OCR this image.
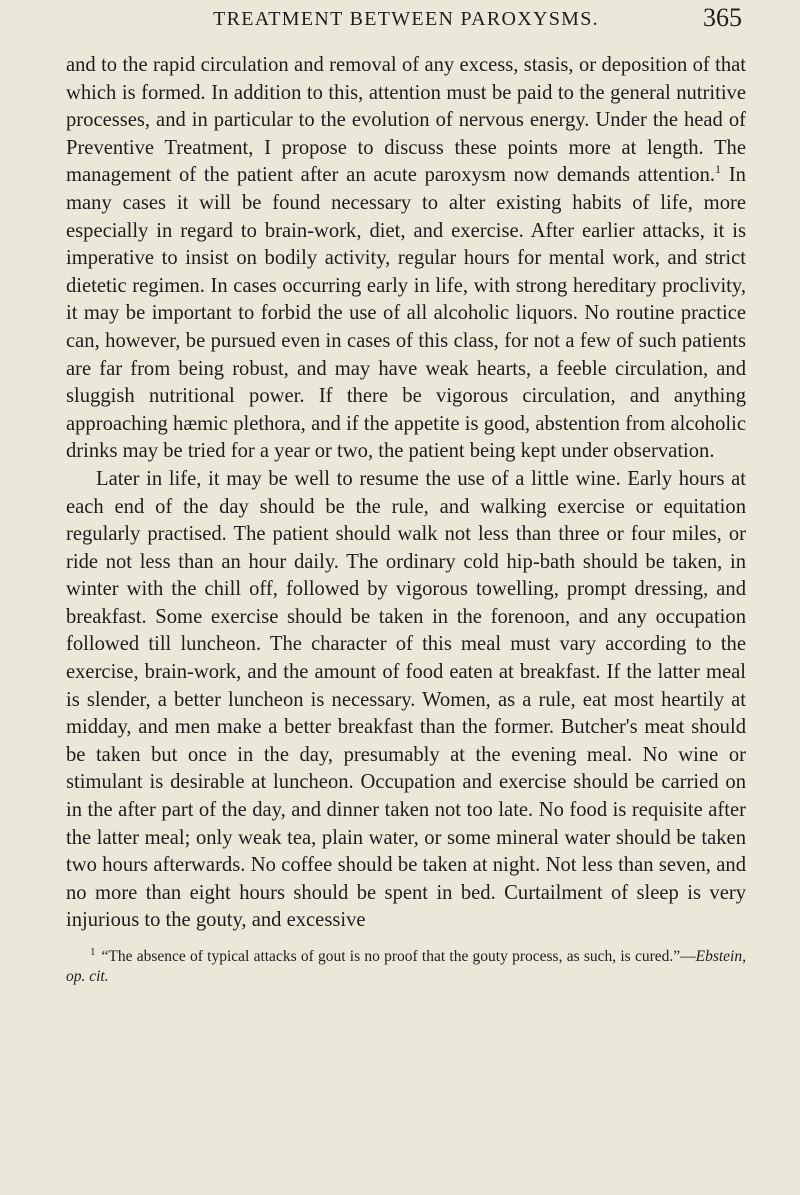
TREATMENT BETWEEN PAROXYSMS.	365

and to the rapid circulation and removal of any excess, stasis, or deposition of that which is formed. In addition to this, attention must be paid to the general nutritive processes, and in particular to the evolution of nervous energy. Under the head of Preventive Treatment, I propose to discuss these points more at length. The management of the patient after an acute paroxysm now demands attention.$^1$ In many cases it will be found necessary to alter existing habits of life, more especially in regard to brain-work, diet, and exercise. After earlier attacks, it is imperative to insist on bodily activity, regular hours for mental work, and strict dietetic regimen. In cases occurring early in life, with strong hereditary proclivity, it may be important to forbid the use of all alcoholic liquors. No routine practice can, however, be pursued even in cases of this class, for not a few of such patients are far from being robust, and may have weak hearts, a feeble circulation, and sluggish nutritional power. If there be vigorous circulation, and anything approaching hæmic plethora, and if the appetite is good, abstention from alcoholic drinks may be tried for a year or two, the patient being kept under observation.

Later in life, it may be well to resume the use of a little wine. Early hours at each end of the day should be the rule, and walking exercise or equitation regularly practised. The patient should walk not less than three or four miles, or ride not less than an hour daily. The ordinary cold hip-bath should be taken, in winter with the chill off, followed by vigorous towelling, prompt dressing, and breakfast. Some exercise should be taken in the forenoon, and any occupation followed till luncheon. The character of this meal must vary according to the exercise, brain-work, and the amount of food eaten at breakfast. If the latter meal is slender, a better luncheon is necessary. Women, as a rule, eat most heartily at midday, and men make a better breakfast than the former. Butcher's meat should be taken but once in the day, presumably at the evening meal. No wine or stimulant is desirable at luncheon. Occupation and exercise should be carried on in the after part of the day, and dinner taken not too late. No food is requisite after the latter meal; only weak tea, plain water, or some mineral water should be taken two hours afterwards. No coffee should be taken at night. Not less than seven, and no more than eight hours should be spent in bed. Curtailment of sleep is very injurious to the gouty, and excessive

$^1$ “The absence of typical attacks of gout is no proof that the gouty process, as such, is cured.”—Ebstein, op. cit.
